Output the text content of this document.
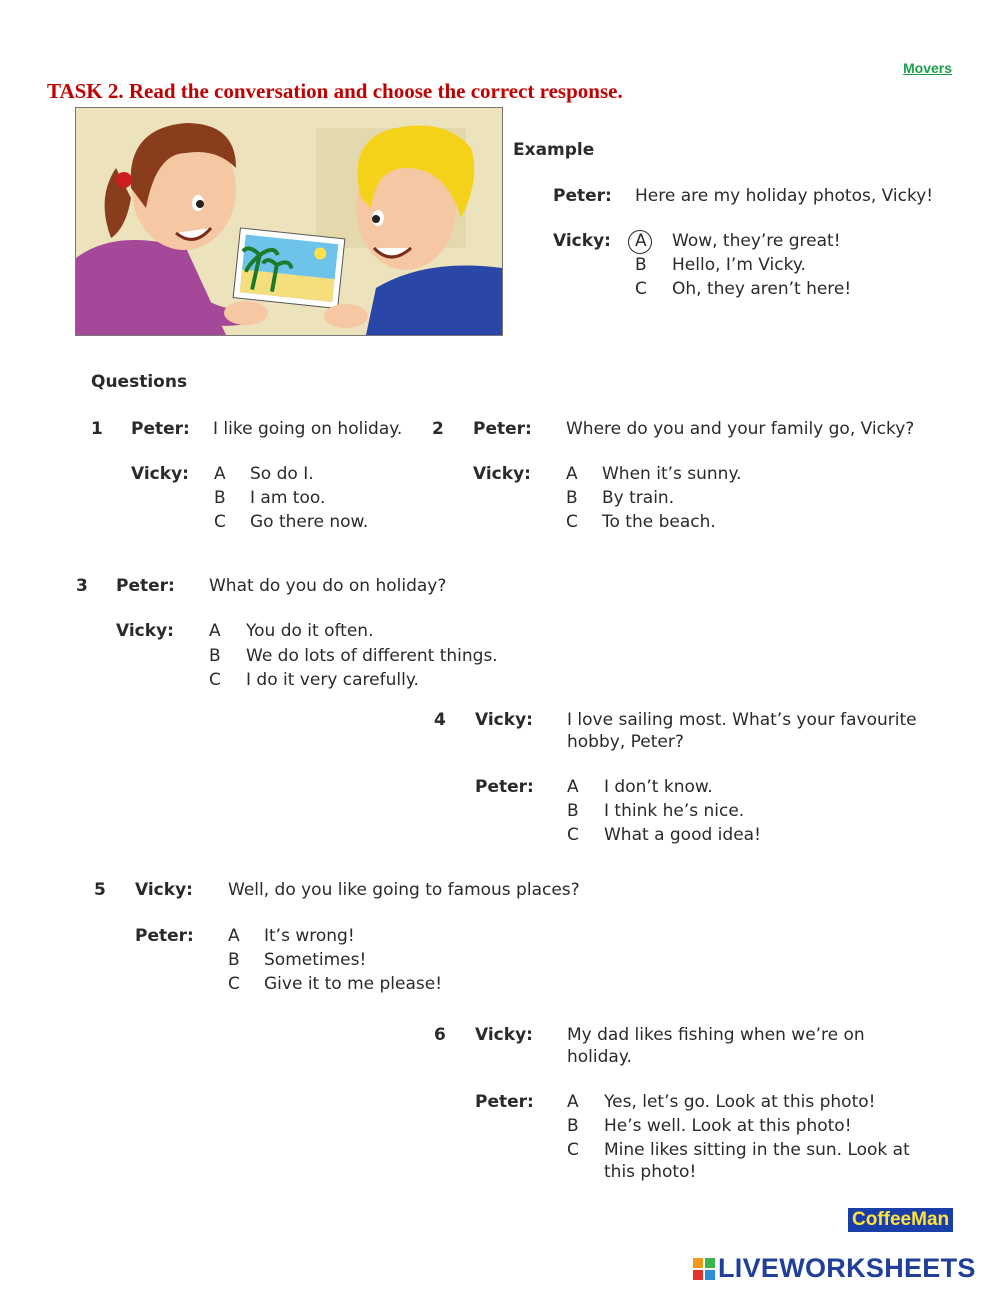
Movers
TASK 2. Read the conversation and choose the correct response.
Example
Peter: Here are my holiday photos, Vicky!
Vicky: A Wow, they’re great!
B Hello, I’m Vicky.
C Oh, they aren’t here!
Questions
1 Peter: I like going on holiday.
Vicky: A So do I.
B I am too.
C Go there now.
2 Peter: Where do you and your family go, Vicky?
Vicky: A When it’s sunny.
B By train.
C To the beach.
3 Peter: What do you do on holiday?
Vicky: A You do it often.
B We do lots of different things.
C I do it very carefully.
4 Vicky: I love sailing most. What’s your favourite
hobby, Peter?
Peter: A I don’t know.
B I think he’s nice.
C What a good idea!
5 Vicky: Well, do you like going to famous places?
Peter: A It’s wrong!
B Sometimes!
C Give it to me please!
6 Vicky: My dad likes fishing when we’re on
holiday.
Peter: A Yes, let’s go. Look at this photo!
B He’s well. Look at this photo!
C Mine likes sitting in the sun. Look at
this photo!
CoffeeMan
LIVEWORKSHEETS
